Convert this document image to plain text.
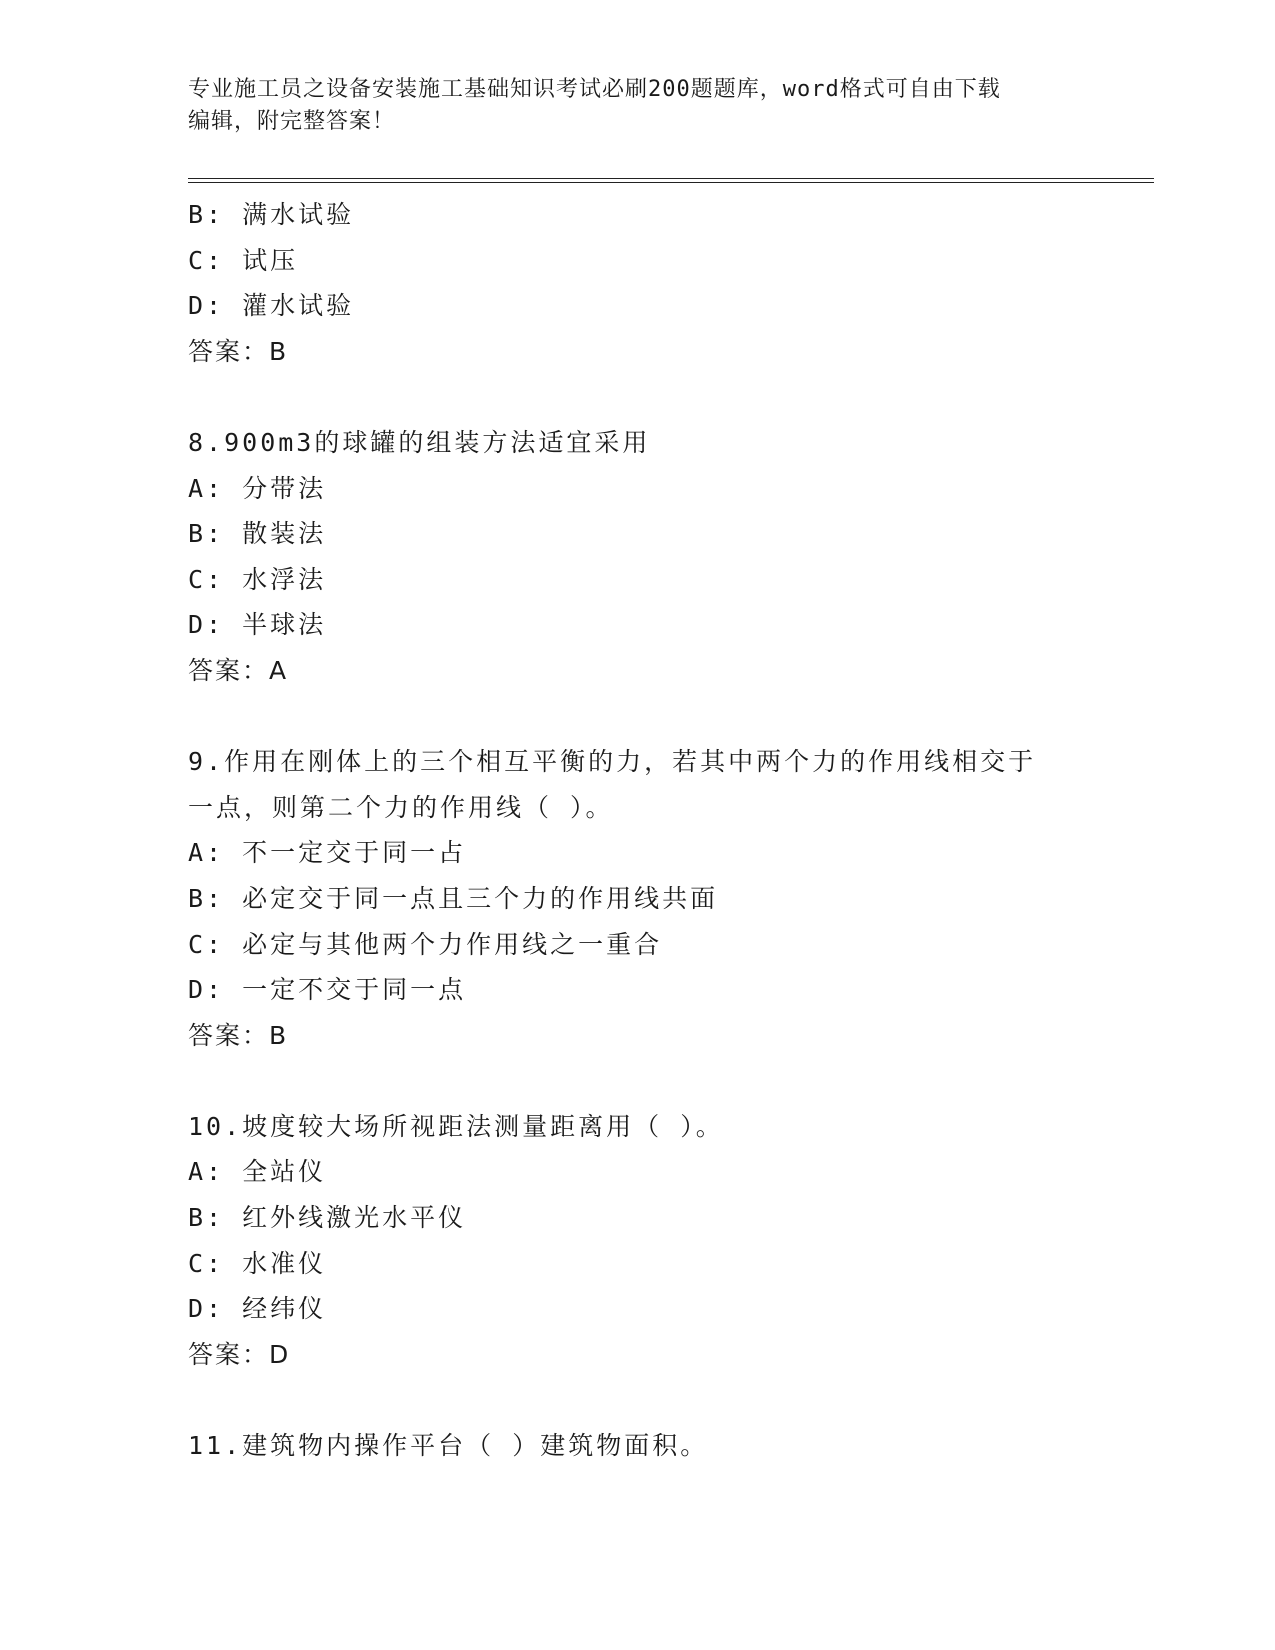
专业施工员之设备安装施工基础知识考试必刷200题题库，word格式可自由下载
编辑，附完整答案！
B: 满水试验
C: 试压
D: 灌水试验
答案：B
8.900m3的球罐的组装方法适宜采用
A: 分带法
B: 散装法
C: 水浮法
D: 半球法
答案：A
9.作用在刚体上的三个相互平衡的力，若其中两个力的作用线相交于
一点，则第二个力的作用线（ ）。
A: 不一定交于同一占
B: 必定交于同一点且三个力的作用线共面
C: 必定与其他两个力作用线之一重合
D: 一定不交于同一点
答案：B
10.坡度较大场所视距法测量距离用（ ）。
A: 全站仪
B: 红外线激光水平仪
C: 水准仪
D: 经纬仪
答案：D
11.建筑物内操作平台（ ）建筑物面积。
